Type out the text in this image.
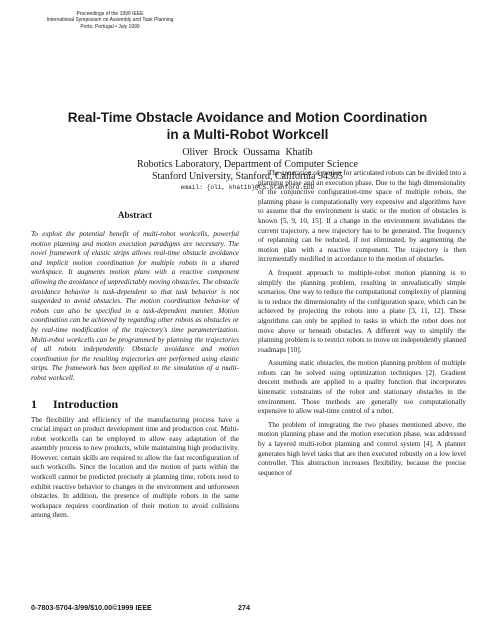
Proceedings of the 1999 IEEE
International Symposium on Assembly and Task Planning
Porto, Portugal • July 1999
Real-Time Obstacle Avoidance and Motion Coordination
in a Multi-Robot Workcell
Oliver Brock Oussama Khatib
Robotics Laboratory, Department of Computer Science
Stanford University, Stanford, California 94305
email: {oli, khatib}@CS.Stanford.EDU

Abstract

To exploit the potential benefit of multi-robot workcells, powerful motion planning and motion execution paradigms are necessary. The novel framework of elastic strips allows real-time obstacle avoidance and implicit motion coordination for multiple robots in a shared workspace. It augments motion plans with a reactive component allowing the avoidance of unpredictably moving obstacles. The obstacle avoidance behavior is task-dependent so that task behavior is not suspended to avoid obstacles. The motion coordination behavior of robots can also be specified in a task-dependent manner. Motion coordination can be achieved by regarding other robots as obstacles or by real-time modification of the trajectory's time parameterization. Multi-robot workcells can be programmed by planning the trajectories of all robots independently. Obstacle avoidance and motion coordination for the resulting trajectories are performed using elastic strips. The framework has been applied to the simulation of a multi-robot workcell.

1 Introduction

The flexibility and efficiency of the manufacturing process have a crucial impact on product development time and production cost. Multi-robot workcells can be employed to allow easy adaptation of the assembly process to new products, while maintaining high productivity. However, certain skills are required to allow the fast reconfiguration of such workcells. Since the location and the motion of parts within the workcell cannot be predicted precisely at planning time, robots need to exhibit reactive behavior to changes in the environment and unforeseen obstacles. In addition, the presence of multiple robots in the same workspace requires coordination of their motion to avoid collisions among them.

The generation of motion for articulated robots can be divided into a planning phase and an execution phase. Due to the high dimensionality of the conjunctive configuration-time space of multiple robots, the planning phase is computationally very expensive and algorithms have to assume that the environment is static or the motion of obstacles is known [5, 9, 10, 15]. If a change in the environment invalidates the current trajectory, a new trajectory has to be generated. The frequency of replanning can be reduced, if not eliminated, by augmenting the motion plan with a reactive component. The trajectory is then incrementally modified in accordance to the motion of obstacles.

A frequent approach to multiple-robot motion planning is to simplify the planning problem, resulting in unrealistically simple scenarios. One way to reduce the computational complexity of planning is to reduce the dimensionality of the configuration space, which can be achieved by projecting the robots into a plane [3, 11, 12]. These algorithms can only be applied to tasks in which the robot does not move above or beneath obstacles. A different way to simplify the planning problem is to restrict robots to move on independently planned roadmaps [10].

Assuming static obstacles, the motion planning problem of multiple robots can be solved using optimization techniques [2]. Gradient descent methods are applied to a quality function that incorporates kinematic constraints of the robot and stationary obstacles in the environment. Those methods are generally too computationally expensive to allow real-time control of a robot.

The problem of integrating the two phases mentioned above, the motion planning phase and the motion execution phase, was addressed by a layered multi-robot planning and control system [4]. A planner generates high level tasks that are then executed robustly on a low level controller. This abstraction increases flexibility, because the precise sequence of

0-7803-5704-3/99/$10.00©1999 IEEE	274
